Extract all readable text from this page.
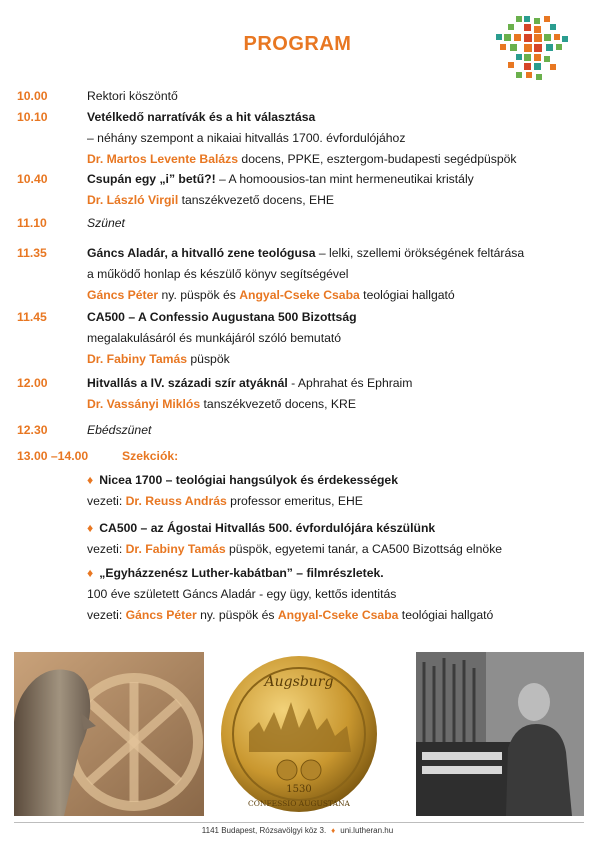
PROGRAM
10.00	Rektori köszöntő
10.10	Vetélkedő narratívák és a hit választása
– néhány szempont a nikaiai hitvallás 1700. évfordulójához
Dr. Martos Levente Balázs docens, PPKE, esztergom-budapesti segédpüspök
10.40	Csupán egy „i” betű?! – A homoousios-tan mint hermeneutikai kristály
Dr. László Virgil tanszékvezető docens, EHE
11.10	Szünet
11.35	Gáncs Aladár, a hitvalló zene teológusa – lelki, szellemi örökségének feltárása
a működő honlap és készülő könyv segítségével
Gáncs Péter ny. püspök és Angyal-Cseke Csaba teológiai hallgató
11.45	CA500 – A Confessio Augustana 500 Bizottság
megalakulásáról és munkájáról szóló bemutató
Dr. Fabiny Tamás püspök
12.00	Hitvallás a IV. századi szír atyáknál - Aphrahat és Ephraim
Dr. Vassányi Miklós tanszékvezető docens, KRE
12.30	Ebédszünet
13.00 –14.00	Szekciók:
♦ Nicea 1700 – teológiai hangsúlyok és érdekességek
vezeti: Dr. Reuss András professor emeritus, EHE
♦ CA500 – az Ágostai Hitvallás 500. évfordulójára készülünk
vezeti: Dr. Fabiny Tamás püspök, egyetemi tanár, a CA500 Bizottság elnöke
♦ „Egyházzenész Luther-kabátban” – filmrészletek.
100 éve született Gáncs Aladár - egy ügy, kettős identitás
vezeti: Gáncs Péter ny. püspök és Angyal-Cseke Csaba teológiai hallgató
Augsburg
1530
CONFESSIO AUGUSTANA
1141 Budapest, Rózsavölgyi köz 3. ♦ uni.lutheran.hu
